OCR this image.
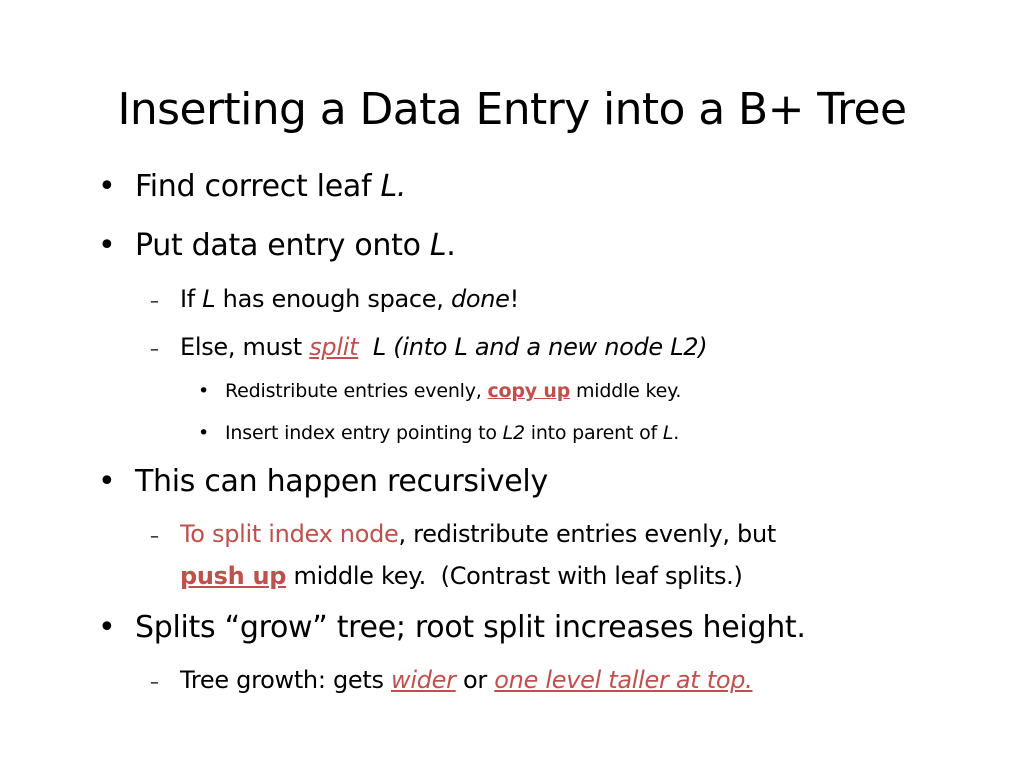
Inserting a Data Entry into a B+ Tree
• Find correct leaf L.
• Put data entry onto L.
– If L has enough space, done!
– Else, must split L (into L and a new node L2)
• Redistribute entries evenly, copy up middle key.
• Insert index entry pointing to L2 into parent of L.
• This can happen recursively
– To split index node, redistribute entries evenly, but
push up middle key.  (Contrast with leaf splits.)
• Splits “grow” tree; root split increases height.
– Tree growth: gets wider or one level taller at top.
